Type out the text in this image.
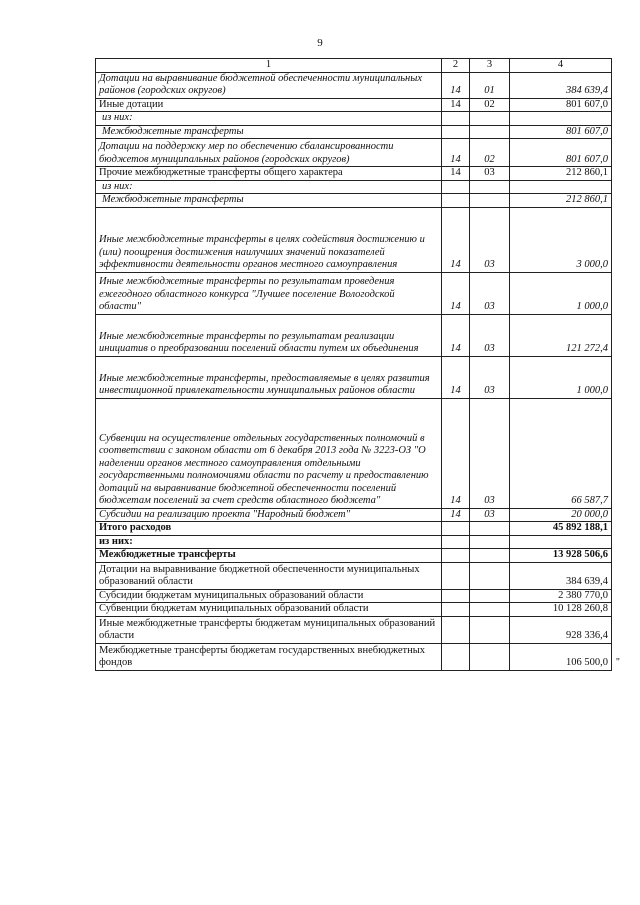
9
1	2	3	4
Дотации на выравнивание бюджетной обеспеченности муниципальных районов (городских округов)	14	01	384 639,4
Иные дотации	14	02	801 607,0
из них:			
Межбюджетные трансферты			801 607,0
Дотации на поддержку мер по обеспечению сбалансированности бюджетов муниципальных районов (городских округов)	14	02	801 607,0
Прочие межбюджетные трансферты общего характера	14	03	212 860,1
из них:			
Межбюджетные трансферты			212 860,1
Иные межбюджетные трансферты в целях содействия достижению и (или) поощрения достижения наилучших значений показателей эффективности деятельности органов местного самоуправления	14	03	3 000,0
Иные межбюджетные трансферты по результатам проведения ежегодного областного конкурса "Лучшее поселение Вологодской области"	14	03	1 000,0
Иные межбюджетные трансферты по результатам реализации инициатив о преобразовании поселений области путем их объединения	14	03	121 272,4
Иные межбюджетные трансферты, предоставляемые в целях развития инвестиционной привлекательности муниципальных районов области	14	03	1 000,0
Субвенции на осуществление отдельных государственных полномочий в соответствии с законом области от 6 декабря 2013 года № 3223-ОЗ "О наделении органов местного самоуправления отдельными государственными полномочиями области по расчету и предоставлению дотаций на выравнивание бюджетной обеспеченности поселений бюджетам поселений за счет средств областного бюджета"	14	03	66 587,7
Субсидии на реализацию проекта "Народный бюджет"	14	03	20 000,0
Итого расходов			45 892 188,1
из них:			
Межбюджетные трансферты			13 928 506,6
Дотации на выравнивание бюджетной обеспеченности муниципальных образований области			384 639,4
Субсидии бюджетам муниципальных образований области			2 380 770,0
Субвенции бюджетам муниципальных образований области			10 128 260,8
Иные межбюджетные трансферты бюджетам муниципальных образований области			928 336,4
Межбюджетные трансферты бюджетам государственных внебюджетных фондов			106 500,0 "
